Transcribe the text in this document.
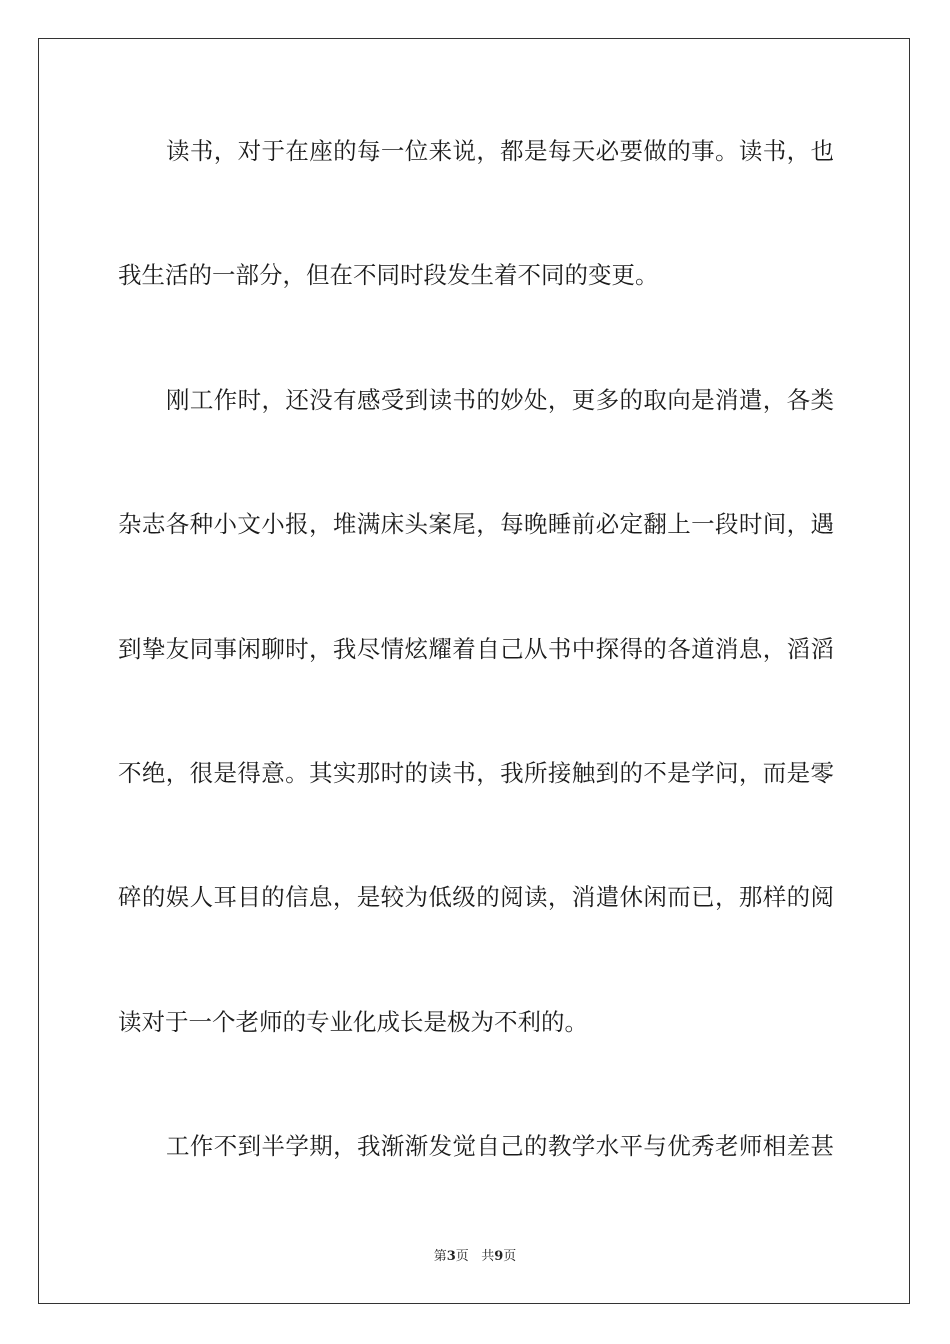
读书，对于在座的每一位来说，都是每天必要做的事。读书，也
我生活的一部分，但在不同时段发生着不同的变更。
刚工作时，还没有感受到读书的妙处，更多的取向是消遣，各类
杂志各种小文小报，堆满床头案尾，每晚睡前必定翻上一段时间，遇
到挚友同事闲聊时，我尽情炫耀着自己从书中探得的各道消息，滔滔
不绝，很是得意。其实那时的读书，我所接触到的不是学问，而是零
碎的娱人耳目的信息，是较为低级的阅读，消遣休闲而已，那样的阅
读对于一个老师的专业化成长是极为不利的。
工作不到半学期，我渐渐发觉自己的教学水平与优秀老师相差甚
第3页 共9页
